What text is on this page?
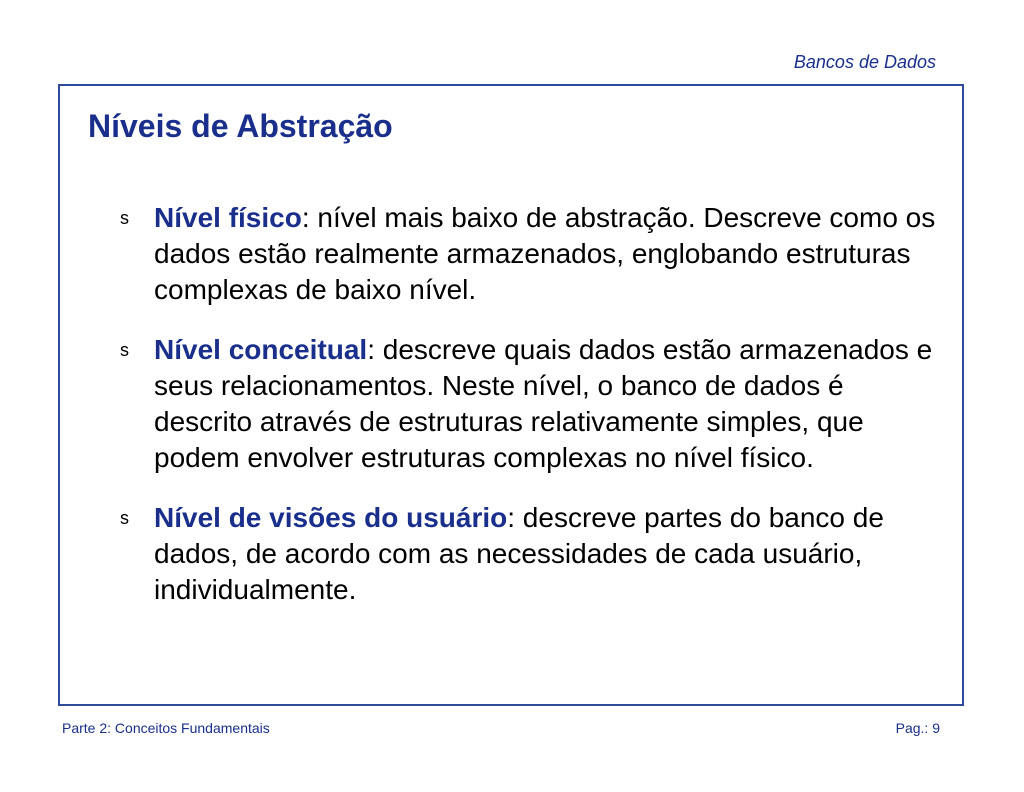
Bancos de Dados
Níveis de Abstração
s Nível físico: nível mais baixo de abstração. Descreve como os dados estão realmente armazenados, englobando estruturas complexas de baixo nível.
s Nível conceitual: descreve quais dados estão armazenados e seus relacionamentos. Neste nível, o banco de dados é descrito através de estruturas relativamente simples, que podem envolver estruturas complexas no nível físico.
s Nível de visões do usuário: descreve partes do banco de dados, de acordo com as necessidades de cada usuário, individualmente.
Parte 2: Conceitos Fundamentais	Pag.: 9
